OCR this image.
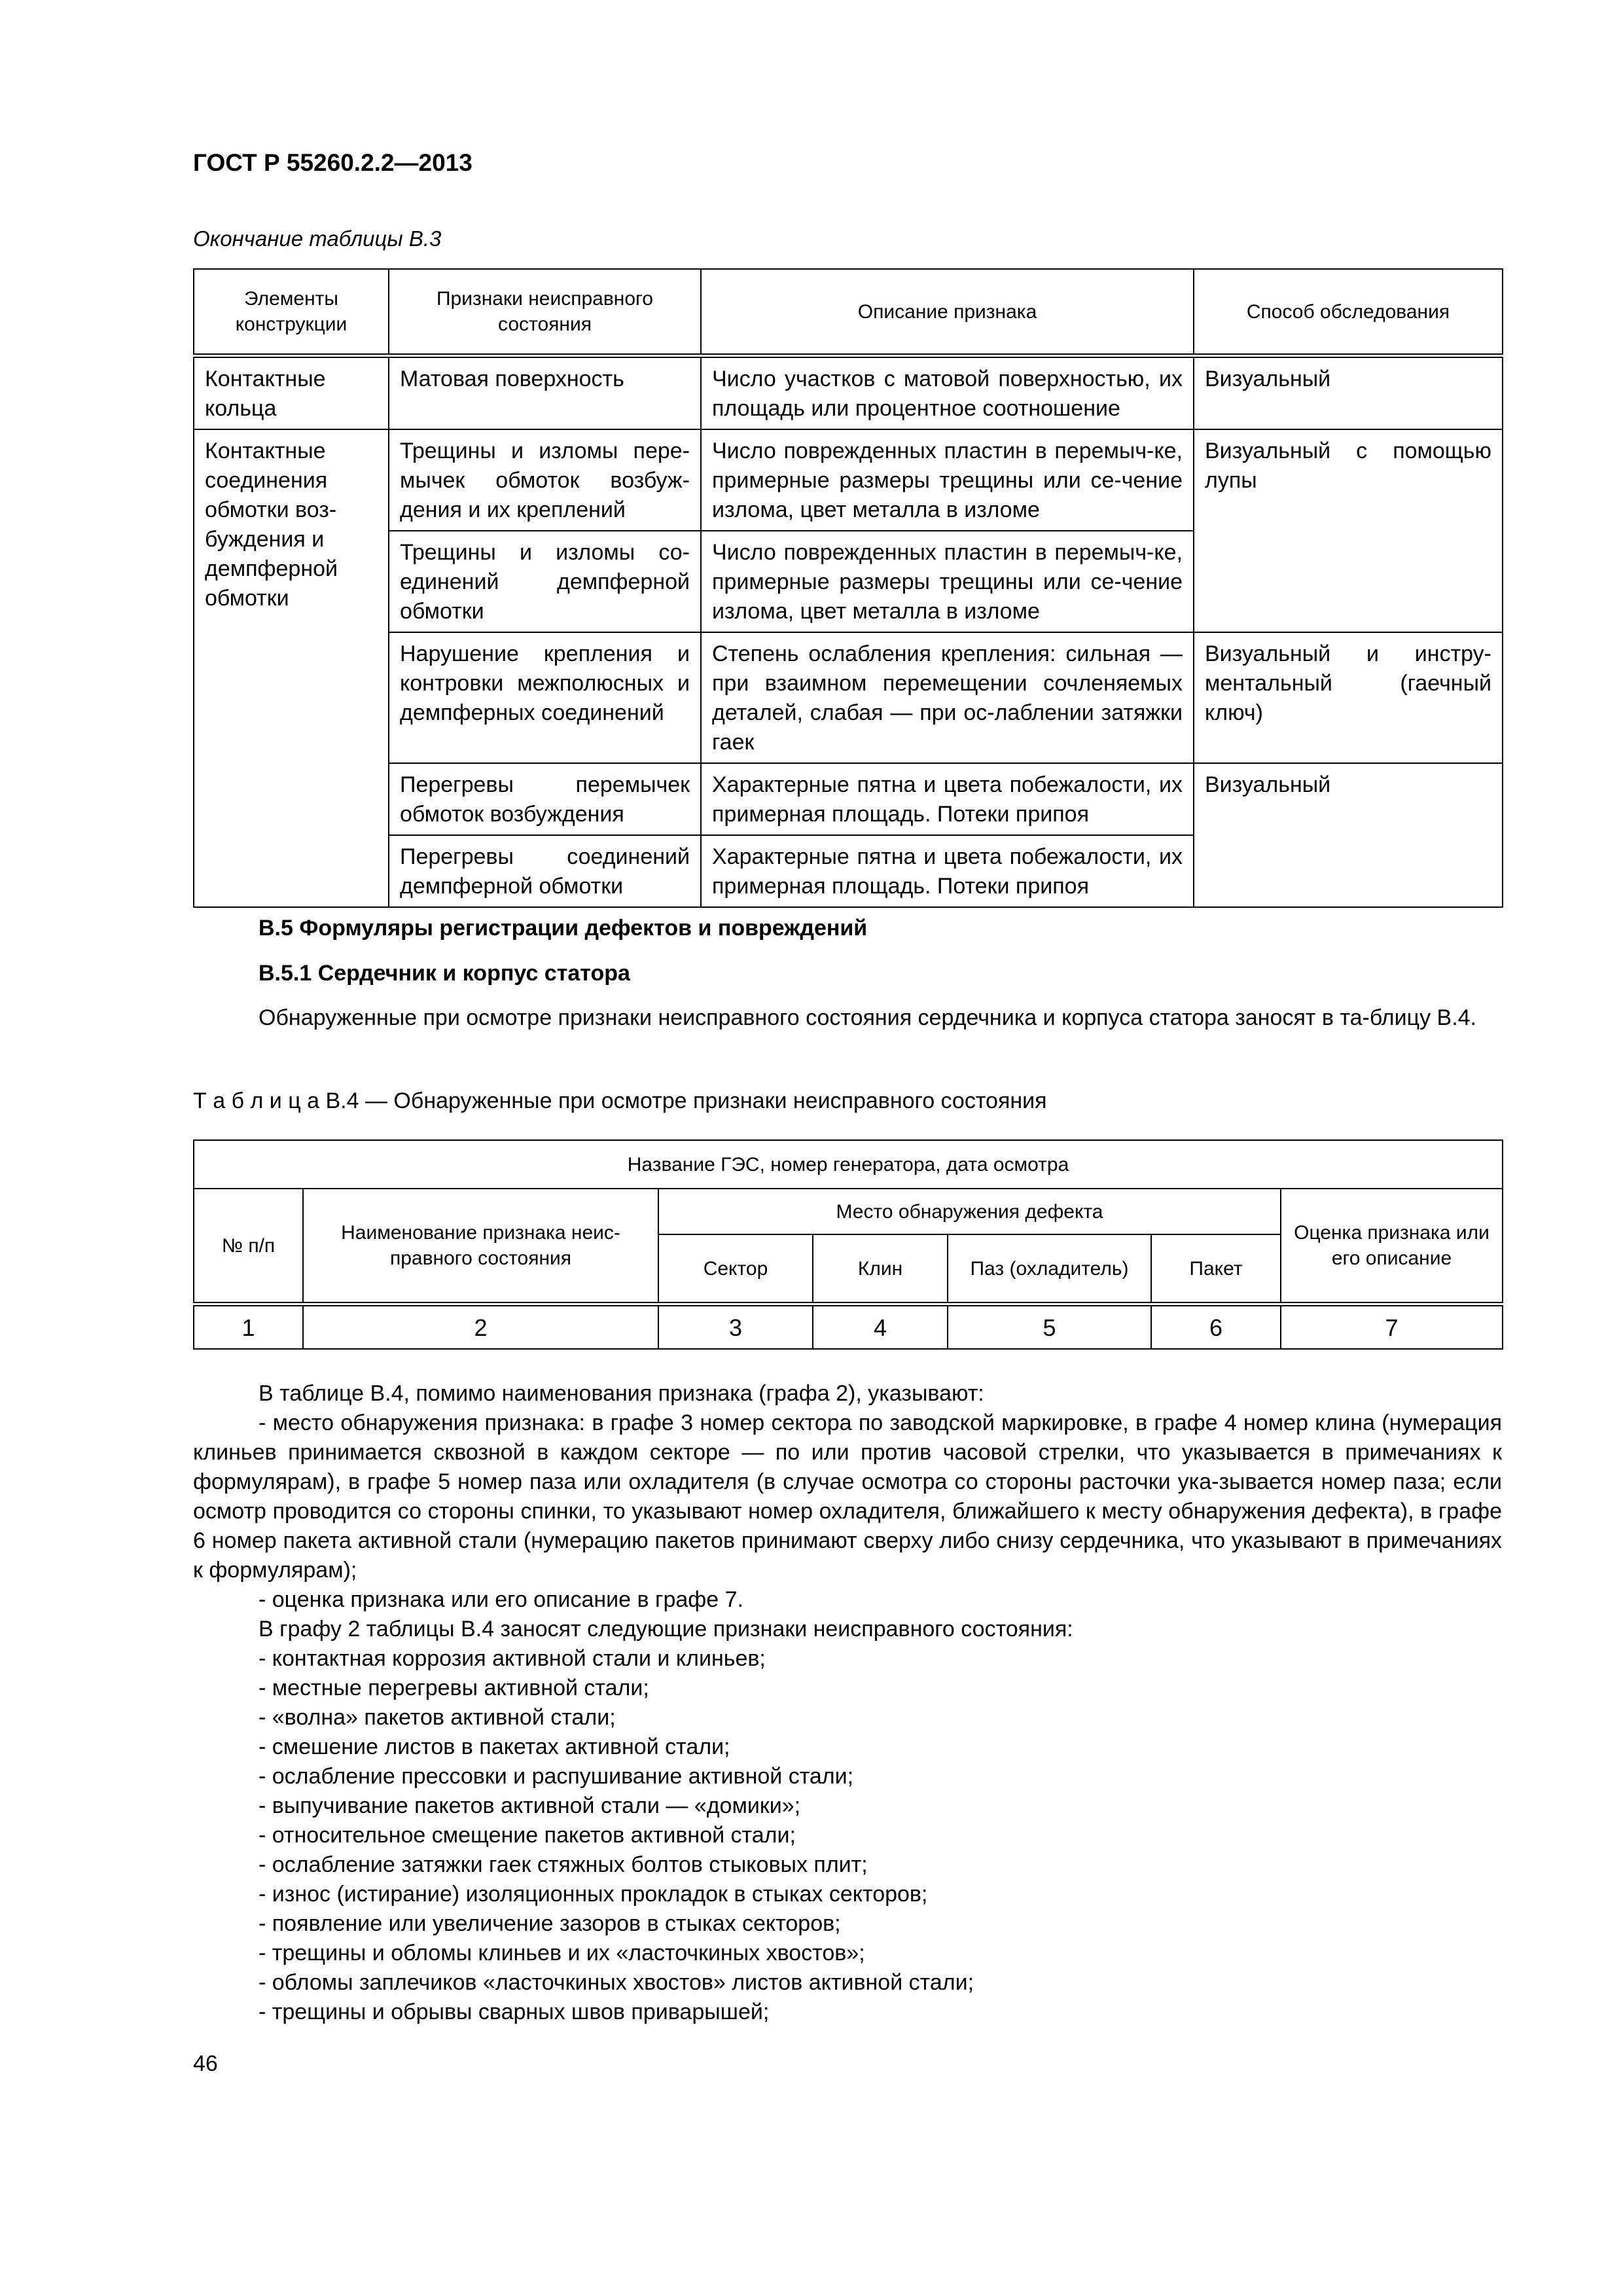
ГОСТ Р 55260.2.2—2013
Окончание таблицы В.3
Элементы конструкции	Признаки неисправного состояния	Описание признака	Способ обследования
Контактные кольца	Матовая поверхность	Число участков с матовой поверхностью, их площадь или процентное соотношение	Визуальный
Контактные соединения обмотки воз-буждения и демпферной обмотки	Трещины и изломы пере-мычек обмоток возбуж-дения и их креплений	Число поврежденных пластин в перемыч-ке, примерные размеры трещины или се-чение излома, цвет металла в изломе	Визуальный с помощью лупы
	Трещины и изломы со-единений демпферной обмотки	Число поврежденных пластин в перемыч-ке, примерные размеры трещины или се-чение излома, цвет металла в изломе	
	Нарушение крепления и контровки межполюсных и демпферных соединений	Степень ослабления крепления: сильная — при взаимном перемещении сочленяемых деталей, слабая — при ос-лаблении затяжки гаек	Визуальный и инстру-ментальный (гаечный ключ)
	Перегревы перемычек обмоток возбуждения	Характерные пятна и цвета побежалости, их примерная площадь. Потеки припоя	Визуальный
	Перегревы соединений демпферной обмотки	Характерные пятна и цвета побежалости, их примерная площадь. Потеки припоя	
В.5 Формуляры регистрации дефектов и повреждений
В.5.1 Сердечник и корпус статора
Обнаруженные при осмотре признаки неисправного состояния сердечника и корпуса статора заносят в та-блицу В.4.
Т а б л и ц а В.4 — Обнаруженные при осмотре признаки неисправного состояния
Название ГЭС, номер генератора, дата осмотра						
№ п/п	Наименование признака неис-правного состояния	Место обнаружения дефекта				Оценка признака или его описание
		Сектор	Клин	Паз (охладитель)	Пакет	
1	2	3	4	5	6	7
В таблице В.4, помимо наименования признака (графа 2), указывают:
- место обнаружения признака: в графе 3 номер сектора по заводской маркировке, в графе 4 номер клина (нумерация клиньев принимается сквозной в каждом секторе — по или против часовой стрелки, что указывается в примечаниях к формулярам), в графе 5 номер паза или охладителя (в случае осмотра со стороны расточки ука-зывается номер паза; если осмотр проводится со стороны спинки, то указывают номер охладителя, ближайшего к месту обнаружения дефекта), в графе 6 номер пакета активной стали (нумерацию пакетов принимают сверху либо снизу сердечника, что указывают в примечаниях к формулярам);
- оценка признака или его описание в графе 7.
В графу 2 таблицы В.4 заносят следующие признаки неисправного состояния:
- контактная коррозия активной стали и клиньев;
- местные перегревы активной стали;
- «волна» пакетов активной стали;
- смешение листов в пакетах активной стали;
- ослабление прессовки и распушивание активной стали;
- выпучивание пакетов активной стали — «домики»;
- относительное смещение пакетов активной стали;
- ослабление затяжки гаек стяжных болтов стыковых плит;
- износ (истирание) изоляционных прокладок в стыках секторов;
- появление или увеличение зазоров в стыках секторов;
- трещины и обломы клиньев и их «ласточкиных хвостов»;
- обломы заплечиков «ласточкиных хвостов» листов активной стали;
- трещины и обрывы сварных швов приварышей;
46
